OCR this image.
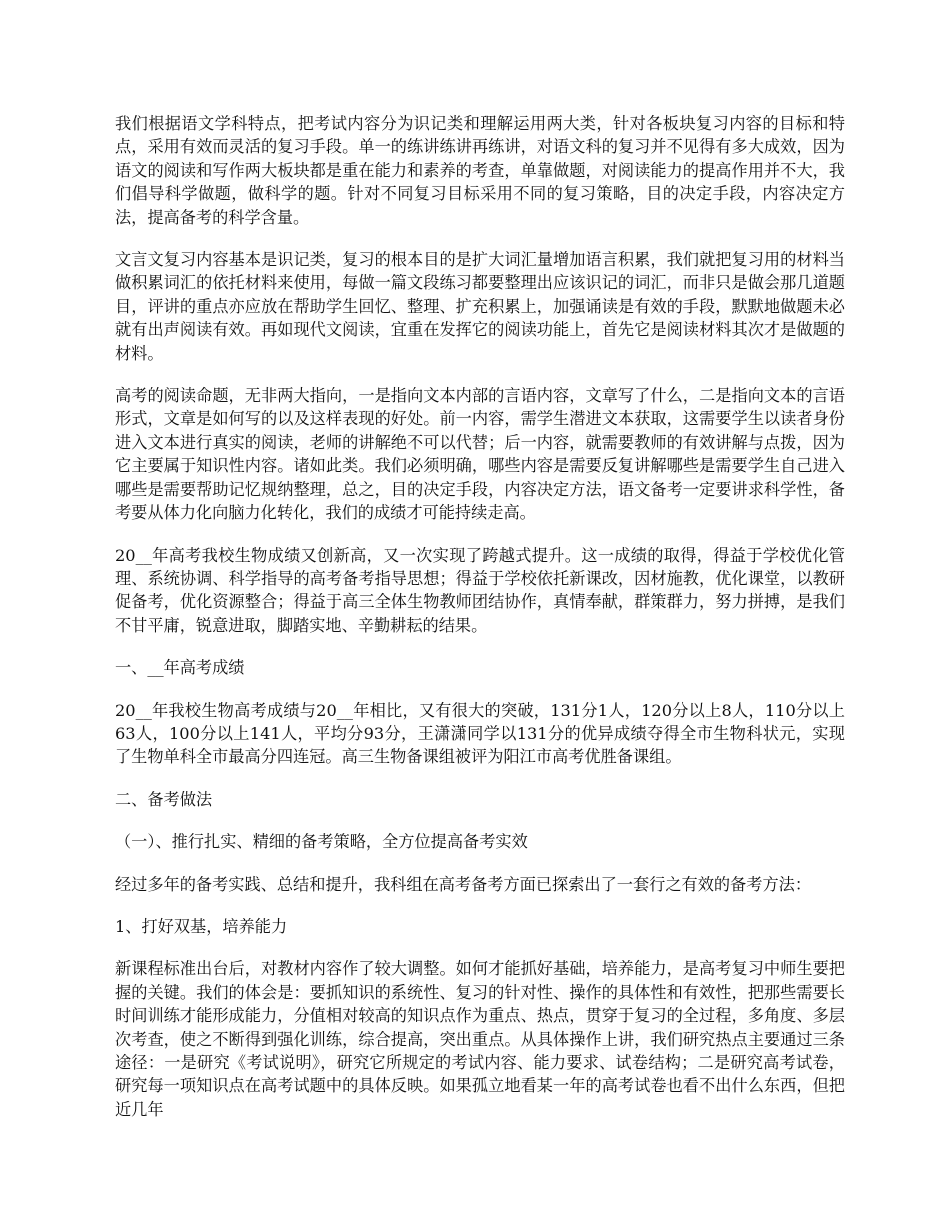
我们根据语文学科特点，把考试内容分为识记类和理解运用两大类，针对各板块复习内容的目标和特点，采用有效而灵活的复习手段。单一的练讲练讲再练讲，对语文科的复习并不见得有多大成效，因为语文的阅读和写作两大板块都是重在能力和素养的考查，单靠做题，对阅读能力的提高作用并不大，我们倡导科学做题，做科学的题。针对不同复习目标采用不同的复习策略，目的决定手段，内容决定方法，提高备考的科学含量。

文言文复习内容基本是识记类，复习的根本目的是扩大词汇量增加语言积累，我们就把复习用的材料当做积累词汇的依托材料来使用，每做一篇文段练习都要整理出应该识记的词汇，而非只是做会那几道题目，评讲的重点亦应放在帮助学生回忆、整理、扩充积累上，加强诵读是有效的手段，默默地做题未必就有出声阅读有效。再如现代文阅读，宜重在发挥它的阅读功能上，首先它是阅读材料其次才是做题的材料。

高考的阅读命题，无非两大指向，一是指向文本内部的言语内容，文章写了什么，二是指向文本的言语形式，文章是如何写的以及这样表现的好处。前一内容，需学生潜进文本获取，这需要学生以读者身份进入文本进行真实的阅读，老师的讲解绝不可以代替；后一内容，就需要教师的有效讲解与点拨，因为它主要属于知识性内容。诸如此类。我们必须明确，哪些内容是需要反复讲解哪些是需要学生自己进入哪些是需要帮助记忆规纳整理，总之，目的决定手段，内容决定方法，语文备考一定要讲求科学性，备考要从体力化向脑力化转化，我们的成绩才可能持续走高。

20__年高考我校生物成绩又创新高，又一次实现了跨越式提升。这一成绩的取得，得益于学校优化管理、系统协调、科学指导的高考备考指导思想；得益于学校依托新课改，因材施教，优化课堂，以教研促备考，优化资源整合；得益于高三全体生物教师团结协作，真情奉献，群策群力，努力拼搏，是我们不甘平庸，锐意进取，脚踏实地、辛勤耕耘的结果。

一、__年高考成绩

20__年我校生物高考成绩与20__年相比，又有很大的突破，131分1人，120分以上8人，110分以上63人，100分以上141人，平均分93分，王潇潇同学以131分的优异成绩夺得全市生物科状元，实现了生物单科全市最高分四连冠。高三生物备课组被评为阳江市高考优胜备课组。

二、备考做法

（一）、推行扎实、精细的备考策略，全方位提高备考实效

经过多年的备考实践、总结和提升，我科组在高考备考方面已探索出了一套行之有效的备考方法：

1、打好双基，培养能力

新课程标准出台后，对教材内容作了较大调整。如何才能抓好基础，培养能力，是高考复习中师生要把握的关键。我们的体会是：要抓知识的系统性、复习的针对性、操作的具体性和有效性，把那些需要长时间训练才能形成能力，分值相对较高的知识点作为重点、热点，贯穿于复习的全过程，多角度、多层次考查，使之不断得到强化训练，综合提高，突出重点。从具体操作上讲，我们研究热点主要通过三条途径：一是研究《考试说明》，研究它所规定的考试内容、能力要求、试卷结构；二是研究高考试卷，研究每一项知识点在高考试题中的具体反映。如果孤立地看某一年的高考试卷也看不出什么东西，但把近几年
